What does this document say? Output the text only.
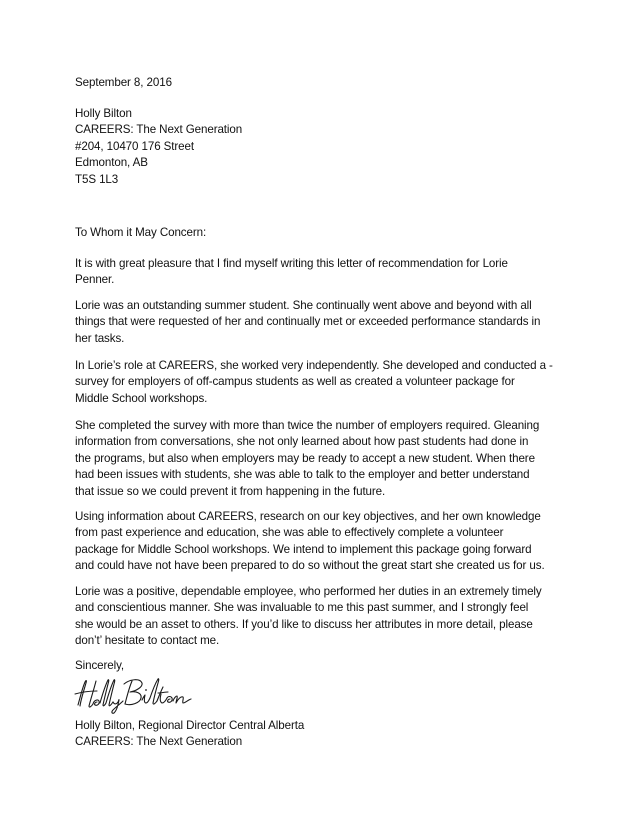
September 8, 2016
Holly Bilton
CAREERS: The Next Generation
#204, 10470 176 Street
Edmonton, AB
T5S 1L3
To Whom it May Concern:
It is with great pleasure that I find myself writing this letter of recommendation for Lorie
Penner.
Lorie was an outstanding summer student. She continually went above and beyond with all
things that were requested of her and continually met or exceeded performance standards in
her tasks.
In Lorie’s role at CAREERS, she worked very independently. She developed and conducted a -
survey for employers of off-campus students as well as created a volunteer package for
Middle School workshops.
She completed the survey with more than twice the number of employers required. Gleaning
information from conversations, she not only learned about how past students had done in
the programs, but also when employers may be ready to accept a new student. When there
had been issues with students, she was able to talk to the employer and better understand
that issue so we could prevent it from happening in the future.
Using information about CAREERS, research on our key objectives, and her own knowledge
from past experience and education, she was able to effectively complete a volunteer
package for Middle School workshops. We intend to implement this package going forward
and could have not have been prepared to do so without the great start she created us for us.
Lorie was a positive, dependable employee, who performed her duties in an extremely timely
and conscientious manner. She was invaluable to me this past summer, and I strongly feel
she would be an asset to others. If you’d like to discuss her attributes in more detail, please
don’t’ hesitate to contact me.
Sincerely,
Holly Bilton, Regional Director Central Alberta
CAREERS: The Next Generation
